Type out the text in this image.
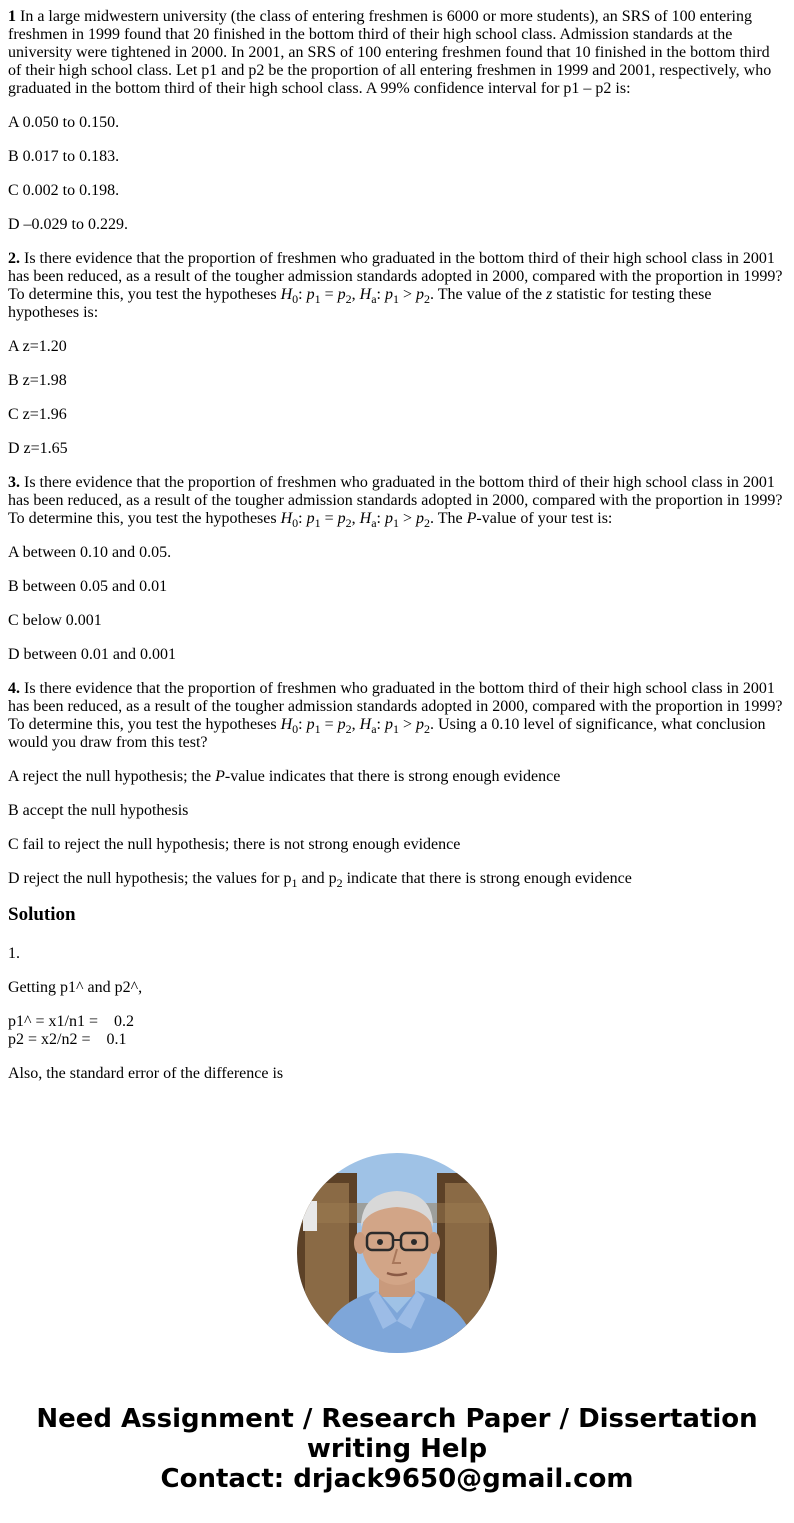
1 In a large midwestern university (the class of entering freshmen is 6000 or more students), an SRS of 100 entering freshmen in 1999 found that 20 finished in the bottom third of their high school class. Admission standards at the university were tightened in 2000. In 2001, an SRS of 100 entering freshmen found that 10 finished in the bottom third of their high school class. Let p1 and p2 be the proportion of all entering freshmen in 1999 and 2001, respectively, who graduated in the bottom third of their high school class. A 99% confidence interval for p1 – p2 is:

A 0.050 to 0.150.

B 0.017 to 0.183.

C 0.002 to 0.198.

D –0.029 to 0.229.

2. Is there evidence that the proportion of freshmen who graduated in the bottom third of their high school class in 2001 has been reduced, as a result of the tougher admission standards adopted in 2000, compared with the proportion in 1999? To determine this, you test the hypotheses $H_0$: $p_1 = p_2$, $H_a$: $p_1 > p_2$. The value of the z statistic for testing these hypotheses is:

A z=1.20

B z=1.98

C z=1.96

D z=1.65

3. Is there evidence that the proportion of freshmen who graduated in the bottom third of their high school class in 2001 has been reduced, as a result of the tougher admission standards adopted in 2000, compared with the proportion in 1999? To determine this, you test the hypotheses $H_0$: $p_1 = p_2$, $H_a$: $p_1 > p_2$. The P-value of your test is:

A between 0.10 and 0.05.

B between 0.05 and 0.01

C below 0.001

D between 0.01 and 0.001

4. Is there evidence that the proportion of freshmen who graduated in the bottom third of their high school class in 2001 has been reduced, as a result of the tougher admission standards adopted in 2000, compared with the proportion in 1999? To determine this, you test the hypotheses $H_0$: $p_1 = p_2$, $H_a$: $p_1 > p_2$. Using a 0.10 level of significance, what conclusion would you draw from this test?

A reject the null hypothesis; the P-value indicates that there is strong enough evidence

B accept the null hypothesis

C fail to reject the null hypothesis; there is not strong enough evidence

D reject the null hypothesis; the values for $p_1$ and $p_2$ indicate that there is strong enough evidence

Solution

1.

Getting p1^ and p2^,

p1^ = x1/n1 =    0.2
p2 = x2/n2 =    0.1

Also, the standard error of the difference is

Need Assignment / Research Paper / Dissertation
writing Help
Contact: drjack9650@gmail.com
